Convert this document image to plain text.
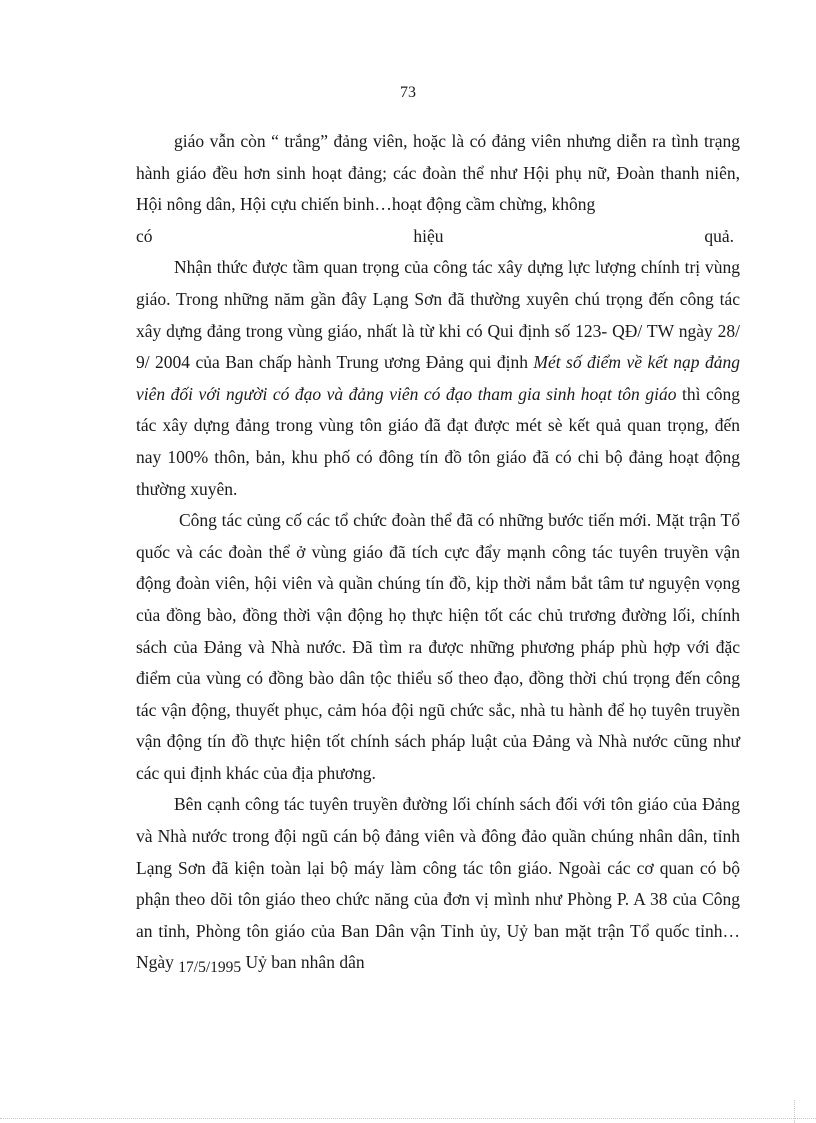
73

giáo vẫn còn “ trắng” đảng viên, hoặc là có đảng viên nhưng diễn ra tình trạng hành giáo đều hơn sinh hoạt đảng; các đoàn thể như Hội phụ nữ, Đoàn thanh niên, Hội nông dân, Hội cựu chiến binh…hoạt động cầm chừng, không

có	hiệu	quả.

Nhận thức được tầm quan trọng của công tác xây dựng lực lượng chính trị vùng giáo. Trong những năm gần đây Lạng Sơn đã thường xuyên chú trọng đến công tác xây dựng đảng trong vùng giáo, nhất là từ khi có Qui định số 123- QĐ/ TW ngày 28/ 9/ 2004 của Ban chấp hành Trung ương Đảng qui định Mét số điểm về kết nạp đảng viên đối với người có đạo và đảng viên có đạo tham gia sinh hoạt tôn giáo thì công tác xây dựng đảng trong vùng tôn giáo đã đạt được mét sè kết quả quan trọng, đến nay 100% thôn, bản, khu phố có đông tín đồ tôn giáo đã có chi bộ đảng hoạt động thường xuyên.

Công tác củng cố các tổ chức đoàn thể đã có những bước tiến mới. Mặt trận Tổ quốc và các đoàn thể ở vùng giáo đã tích cực đẩy mạnh công tác tuyên truyền vận động đoàn viên, hội viên và quần chúng tín đồ, kịp thời nắm bắt tâm tư nguyện vọng của đồng bào, đồng thời vận động họ thực hiện tốt các chủ trương đường lối, chính sách của Đảng và Nhà nước. Đã tìm ra được những phương pháp phù hợp với đặc điểm của vùng có đồng bào dân tộc thiểu số theo đạo, đồng thời chú trọng đến công tác vận động, thuyết phục, cảm hóa đội ngũ chức sắc, nhà tu hành để họ tuyên truyền vận động tín đồ thực hiện tốt chính sách pháp luật của Đảng và Nhà nước cũng như các qui định khác của địa phương.

Bên cạnh công tác tuyên truyền đường lối chính sách đối với tôn giáo của Đảng và Nhà nước trong đội ngũ cán bộ đảng viên và đông đảo quần chúng nhân dân, tỉnh Lạng Sơn đã kiện toàn lại bộ máy làm công tác tôn giáo. Ngoài các cơ quan có bộ phận theo dõi tôn giáo theo chức năng của đơn vị mình như Phòng P. A 38 của Công an tỉnh, Phòng tôn giáo của Ban Dân vận Tỉnh ủy, Uỷ ban mặt trận Tổ quốc tỉnh… Ngày 17/5/1995 Uỷ ban nhân dân
